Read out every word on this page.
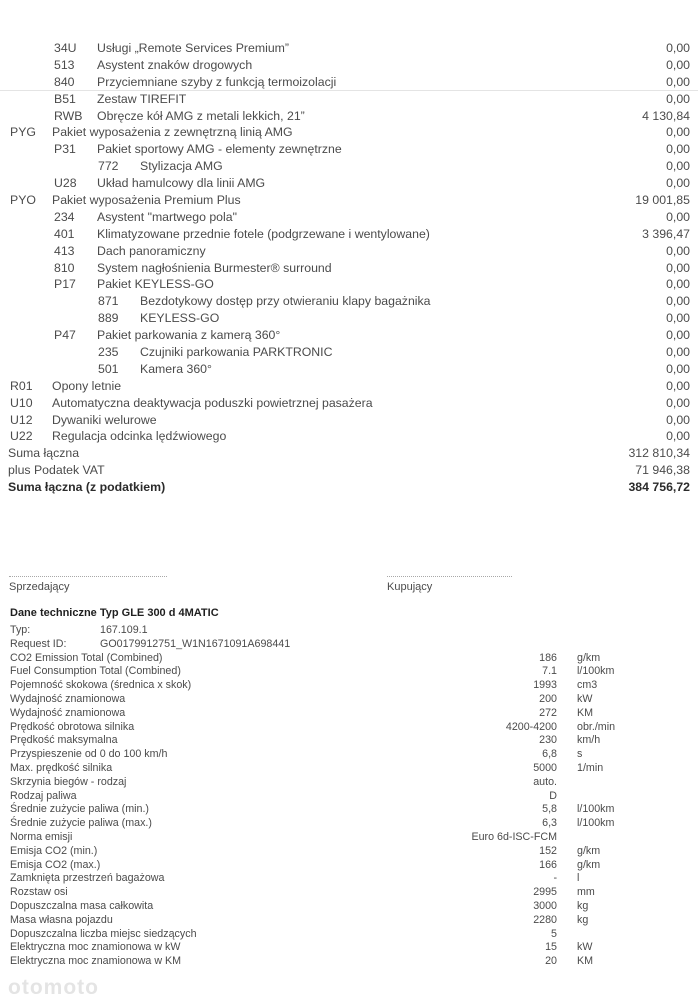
34U Usługi „Remote Services Premium”	0,00
513 Asystent znaków drogowych	0,00
840 Przyciemniane szyby z funkcją termoizolacji	0,00
B51 Zestaw TIREFIT	0,00
RWB Obręcze kół AMG z metali lekkich, 21”	4 130,84
PYG Pakiet wyposażenia z zewnętrzną linią AMG	0,00
P31 Pakiet sportowy AMG - elementy zewnętrzne	0,00
772 Stylizacja AMG	0,00
U28 Układ hamulcowy dla linii AMG	0,00
PYO Pakiet wyposażenia Premium Plus	19 001,85
234 Asystent "martwego pola"	0,00
401 Klimatyzowane przednie fotele (podgrzewane i wentylowane)	3 396,47
413 Dach panoramiczny	0,00
810 System nagłośnienia Burmester® surround	0,00
P17 Pakiet KEYLESS-GO	0,00
871 Bezdotykowy dostęp przy otwieraniu klapy bagażnika	0,00
889 KEYLESS-GO	0,00
P47 Pakiet parkowania z kamerą 360°	0,00
235 Czujniki parkowania PARKTRONIC	0,00
501 Kamera 360°	0,00
R01 Opony letnie	0,00
U10 Automatyczna deaktywacja poduszki powietrznej pasażera	0,00
U12 Dywaniki welurowe	0,00
U22 Regulacja odcinka lędźwiowego	0,00
Suma łączna	312 810,34
plus Podatek VAT	71 946,38
Suma łączna (z podatkiem)	384 756,72
Sprzedający	Kupujący
Dane techniczne Typ GLE 300 d 4MATIC
Typ:	167.109.1
Request ID:	GO0179912751_W1N1671091A698441
CO2 Emission Total (Combined)	186 g/km
Fuel Consumption Total (Combined)	7.1 l/100km
Pojemność skokowa (średnica x skok)	1993 cm3
Wydajność znamionowa	200 kW
Wydajność znamionowa	272 KM
Prędkość obrotowa silnika	4200-4200 obr./min
Prędkość maksymalna	230 km/h
Przyspieszenie od 0 do 100 km/h	6,8 s
Max. prędkość silnika	5000 1/min
Skrzynia biegów - rodzaj	auto.
Rodzaj paliwa	D
Średnie zużycie paliwa (min.)	5,8 l/100km
Średnie zużycie paliwa (max.)	6,3 l/100km
Norma emisji	Euro 6d-ISC-FCM
Emisja CO2 (min.)	152 g/km
Emisja CO2 (max.)	166 g/km
Zamknięta przestrzeń bagażowa	- l
Rozstaw osi	2995 mm
Dopuszczalna masa całkowita	3000 kg
Masa własna pojazdu	2280 kg
Dopuszczalna liczba miejsc siedzących	5
Elektryczna moc znamionowa w kW	15 kW
Elektryczna moc znamionowa w KM	20 KM
otomoto
